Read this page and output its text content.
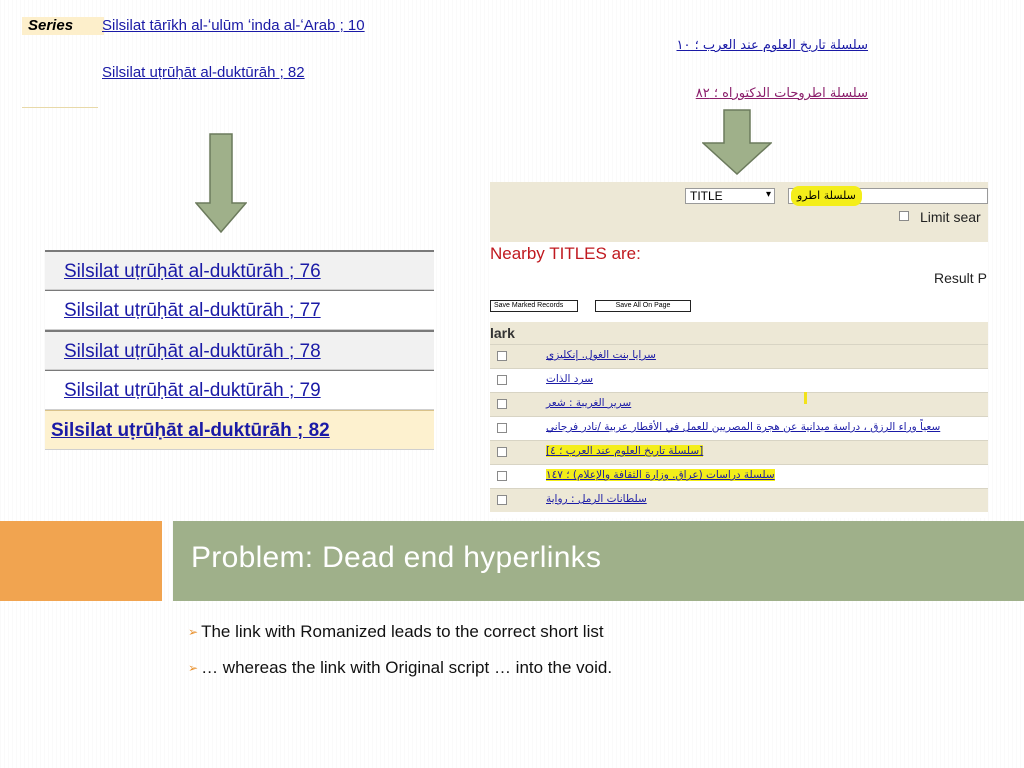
Series	Silsilat tārīkh al-ʻulūm ʻinda al-ʻArab ; 10
Silsilat uṭrūḥāt al-duktūrāh ; 82
سلسلة تاريخ العلوم عند العرب ؛ ١٠
سلسلة اطروحات الدكتوراه ؛ ٨٢
Silsilat uṭrūḥāt al-duktūrāh ; 76
Silsilat uṭrūḥāt al-duktūrāh ; 77
Silsilat uṭrūḥāt al-duktūrāh ; 78
Silsilat uṭrūḥāt al-duktūrāh ; 79
Silsilat uṭrūḥāt al-duktūrāh ; 82
TITLE	▾	سلسلة اطرو
Limit sear
Nearby TITLES are:
Result P
Save Marked Records	Save All On Page
lark
سرايا بنت الغول. إنكليزي
سرد الذات
سرير الغريبة : شعر
سعياً وراء الرزق ، دراسة ميدانية عن هجرة المصريين للعمل في الأقطار عربية /نادر فرجاني
[سلسلة تاريخ العلوم عند العرب ؛ ٤]
سلسلة دراسات (عراق. وزارة الثقافة والإعلام) ؛ ١٤٧
سلطانات الرمل : رواية
Problem: Dead end hyperlinks
➢ The link with Romanized leads to the correct short list
➢ … whereas the link with Original script … into the void.
